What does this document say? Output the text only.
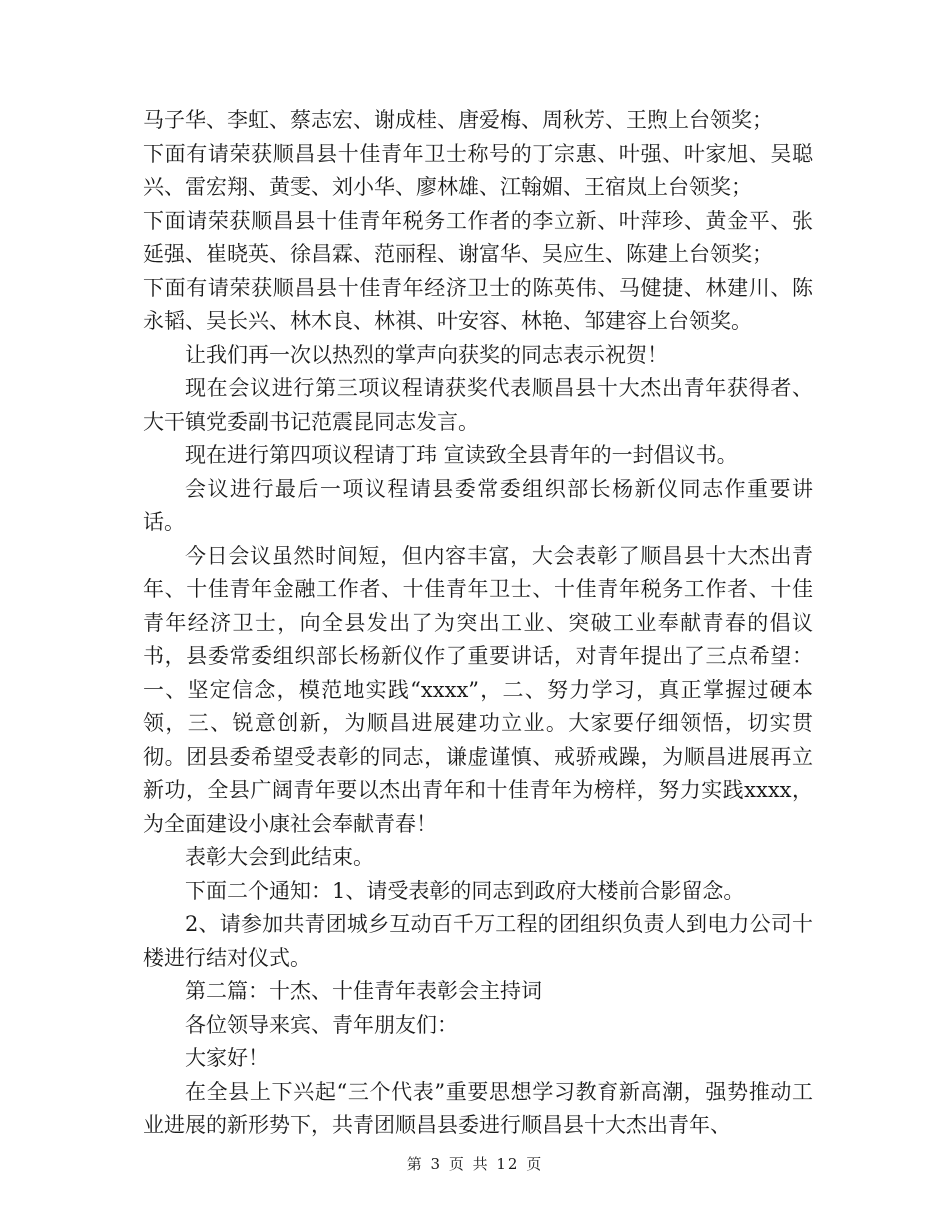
马子华、李虹、蔡志宏、谢成桂、唐爱梅、周秋芳、王煦上台领奖；

下面有请荣获顺昌县十佳青年卫士称号的丁宗惠、叶强、叶家旭、吴聪兴、雷宏翔、黄雯、刘小华、廖林雄、江翰媚、王宿岚上台领奖；

下面请荣获顺昌县十佳青年税务工作者的李立新、叶萍珍、黄金平、张延强、崔晓英、徐昌霖、范丽程、谢富华、吴应生、陈建上台领奖；

下面有请荣获顺昌县十佳青年经济卫士的陈英伟、马健捷、林建川、陈永韬、吴长兴、林木良、林祺、叶安容、林艳、邹建容上台领奖。

让我们再一次以热烈的掌声向获奖的同志表示祝贺！

现在会议进行第三项议程请获奖代表顺昌县十大杰出青年获得者、大干镇党委副书记范震昆同志发言。

现在进行第四项议程请丁玮 宣读致全县青年的一封倡议书。

会议进行最后一项议程请县委常委组织部长杨新仪同志作重要讲话。

今日会议虽然时间短，但内容丰富，大会表彰了顺昌县十大杰出青年、十佳青年金融工作者、十佳青年卫士、十佳青年税务工作者、十佳青年经济卫士，向全县发出了为突出工业、突破工业奉献青春的倡议书，县委常委组织部长杨新仪作了重要讲话，对青年提出了三点希望：一、坚定信念，模范地实践“xxxx”，二、努力学习，真正掌握过硬本领，三、锐意创新，为顺昌进展建功立业。大家要仔细领悟，切实贯彻。团县委希望受表彰的同志，谦虚谨慎、戒骄戒躁，为顺昌进展再立新功，全县广阔青年要以杰出青年和十佳青年为榜样，努力实践xxxx，为全面建设小康社会奉献青春！

表彰大会到此结束。

下面二个通知：1、请受表彰的同志到政府大楼前合影留念。

2、请参加共青团城乡互动百千万工程的团组织负责人到电力公司十楼进行结对仪式。

第二篇：十杰、十佳青年表彰会主持词

各位领导来宾、青年朋友们：

大家好！

在全县上下兴起“三个代表”重要思想学习教育新高潮，强势推动工业进展的新形势下，共青团顺昌县委进行顺昌县十大杰出青年、

第 3 页 共 12 页
